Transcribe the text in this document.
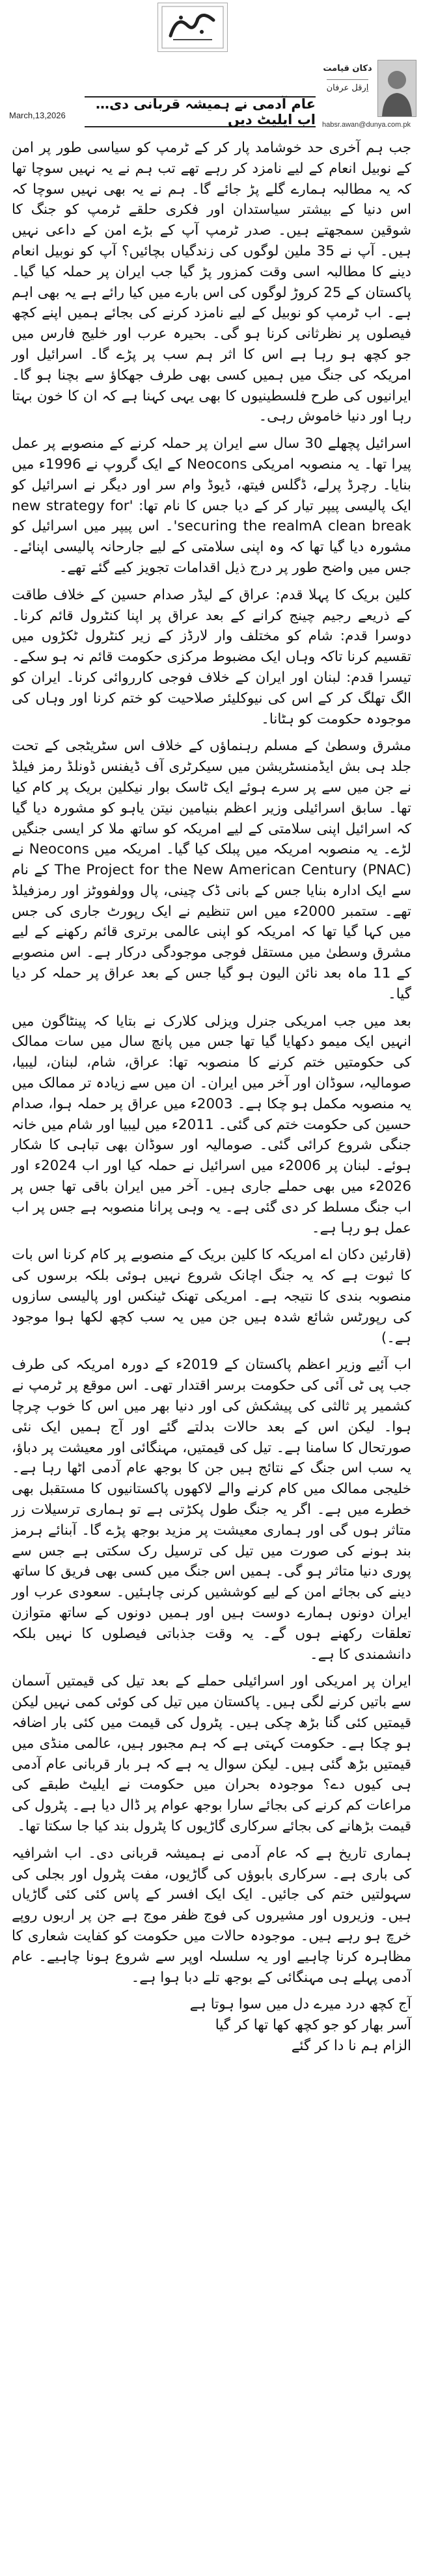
March,13,2026
عام آدمی نے ہمیشہ قربانی دی… اب ایلیٹ دیں
دکان قیامت
اِرقل عرفان
habsr.awan@dunya.com.pk

جب ہم آخری حد خوشامد پار کر کے ٹرمپ کو سیاسی طور پر امن کے نوبیل انعام کے لیے نامزد کر رہے تھے تب ہم نے یہ نہیں سوچا تھا کہ یہ مطالبہ ہمارے گلے پڑ جائے گا۔ ہم نے یہ بھی نہیں سوچا کہ اس دنیا کے بیشتر سیاستدان اور فکری حلقے ٹرمپ کو جنگ کا شوقین سمجھتے ہیں۔ صدر ٹرمپ آپ کے بڑے امن کے داعی نہیں ہیں۔ آپ نے 35 ملین لوگوں کی زندگیاں بچائیں؟ آپ کو نوبیل انعام دینے کا مطالبہ اسی وقت کمزور پڑ گیا جب ایران پر حملہ کیا گیا۔ پاکستان کے 25 کروڑ لوگوں کی اس بارے میں کیا رائے ہے یہ بھی اہم ہے۔ اب ٹرمپ کو نوبیل کے لیے نامزد کرنے کی بجائے ہمیں اپنے کچھ فیصلوں پر نظرثانی کرنا ہو گی۔ بحیرہ عرب اور خلیج فارس میں جو کچھ ہو رہا ہے اس کا اثر ہم سب پر پڑے گا۔ اسرائیل اور امریکہ کی جنگ میں ہمیں کسی بھی طرف جھکاؤ سے بچنا ہو گا۔ ایرانیوں کی طرح فلسطینیوں کا بھی یہی کہنا ہے کہ ان کا خون بہتا رہا اور دنیا خاموش رہی۔

اسرائیل پچھلے 30 سال سے ایران پر حملہ کرنے کے منصوبے پر عمل پیرا تھا۔ یہ منصوبہ امریکی Neocons کے ایک گروپ نے 1996ء میں بنایا۔ رچرڈ پرلے، ڈگلس فیتھ، ڈیوڈ وام سر اور دیگر نے اسرائیل کو ایک پالیسی پیپر تیار کر کے دیا جس کا نام تھا: 'new strategy for securing the realmA clean break'۔ اس پیپر میں اسرائیل کو مشورہ دیا گیا تھا کہ وہ اپنی سلامتی کے لیے جارحانہ پالیسی اپنائے۔ جس میں واضح طور پر درج ذیل اقدامات تجویز کیے گئے تھے۔

کلین بریک کا پہلا قدم: عراق کے لیڈر صدام حسین کے خلاف طاقت کے ذریعے رجیم چینج کرانے کے بعد عراق پر اپنا کنٹرول قائم کرنا۔ دوسرا قدم: شام کو مختلف وار لارڈز کے زیر کنٹرول ٹکڑوں میں تقسیم کرنا تاکہ وہاں ایک مضبوط مرکزی حکومت قائم نہ ہو سکے۔ تیسرا قدم: لبنان اور ایران کے خلاف فوجی کارروائی کرنا۔ ایران کو الگ تھلگ کر کے اس کی نیوکلیئر صلاحیت کو ختم کرنا اور وہاں کی موجودہ حکومت کو ہٹانا۔

مشرق وسطیٰ کے مسلم رہنماؤں کے خلاف اس سٹریٹجی کے تحت جلد ہی بش ایڈمنسٹریشن میں سیکرٹری آف ڈیفنس ڈونلڈ رمز فیلڈ نے جن میں سے پر سرے ہوئے ایک ٹاسک بوار نیکلین بریک پر کام کیا تھا۔ سابق اسرائیلی وزیر اعظم بنیامین نیتن یاہو کو مشورہ دیا گیا کہ اسرائیل اپنی سلامتی کے لیے امریکہ کو ساتھ ملا کر ایسی جنگیں لڑے۔ یہ منصوبہ امریکہ میں پبلک کیا گیا۔ امریکہ میں Neocons نے The Project for the New American Century (PNAC) کے نام سے ایک ادارہ بنایا جس کے بانی ڈک چینی، پال وولفووٹز اور رمزفیلڈ تھے۔ ستمبر 2000ء میں اس تنظیم نے ایک رپورٹ جاری کی جس میں کہا گیا تھا کہ امریکہ کو اپنی عالمی برتری قائم رکھنے کے لیے مشرق وسطیٰ میں مستقل فوجی موجودگی درکار ہے۔ اس منصوبے کے 11 ماہ بعد نائن الیون ہو گیا جس کے بعد عراق پر حملہ کر دیا گیا۔

بعد میں جب امریکی جنرل ویزلی کلارک نے بتایا کہ پینٹاگون میں انہیں ایک میمو دکھایا گیا تھا جس میں پانچ سال میں سات ممالک کی حکومتیں ختم کرنے کا منصوبہ تھا: عراق، شام، لبنان، لیبیا، صومالیہ، سوڈان اور آخر میں ایران۔ ان میں سے زیادہ تر ممالک میں یہ منصوبہ مکمل ہو چکا ہے۔ 2003ء میں عراق پر حملہ ہوا، صدام حسین کی حکومت ختم کی گئی۔ 2011ء میں لیبیا اور شام میں خانہ جنگی شروع کرائی گئی۔ صومالیہ اور سوڈان بھی تباہی کا شکار ہوئے۔ لبنان پر 2006ء میں اسرائیل نے حملہ کیا اور اب 2024ء اور 2026ء میں بھی حملے جاری ہیں۔ آخر میں ایران باقی تھا جس پر اب جنگ مسلط کر دی گئی ہے۔ یہ وہی پرانا منصوبہ ہے جس پر اب عمل ہو رہا ہے۔

(قارئین دکان اے امریکہ کا کلین بریک کے منصوبے پر کام کرنا اس بات کا ثبوت ہے کہ یہ جنگ اچانک شروع نہیں ہوئی بلکہ برسوں کی منصوبہ بندی کا نتیجہ ہے۔ امریکی تھنک ٹینکس اور پالیسی سازوں کی رپورٹس شائع شدہ ہیں جن میں یہ سب کچھ لکھا ہوا موجود ہے۔)

اب آئیے وزیر اعظم پاکستان کے 2019ء کے دورہ امریکہ کی طرف جب پی ٹی آئی کی حکومت برسر اقتدار تھی۔ اس موقع پر ٹرمپ نے کشمیر پر ثالثی کی پیشکش کی اور دنیا بھر میں اس کا خوب چرچا ہوا۔ لیکن اس کے بعد حالات بدلتے گئے اور آج ہمیں ایک نئی صورتحال کا سامنا ہے۔ تیل کی قیمتیں، مہنگائی اور معیشت پر دباؤ، یہ سب اس جنگ کے نتائج ہیں جن کا بوجھ عام آدمی اٹھا رہا ہے۔ خلیجی ممالک میں کام کرنے والے لاکھوں پاکستانیوں کا مستقبل بھی خطرے میں ہے۔ اگر یہ جنگ طول پکڑتی ہے تو ہماری ترسیلات زر متاثر ہوں گی اور ہماری معیشت پر مزید بوجھ پڑے گا۔ آبنائے ہرمز بند ہونے کی صورت میں تیل کی ترسیل رک سکتی ہے جس سے پوری دنیا متاثر ہو گی۔ ہمیں اس جنگ میں کسی بھی فریق کا ساتھ دینے کی بجائے امن کے لیے کوششیں کرنی چاہئیں۔ سعودی عرب اور ایران دونوں ہمارے دوست ہیں اور ہمیں دونوں کے ساتھ متوازن تعلقات رکھنے ہوں گے۔ یہ وقت جذباتی فیصلوں کا نہیں بلکہ دانشمندی کا ہے۔

ایران پر امریکی اور اسرائیلی حملے کے بعد تیل کی قیمتیں آسمان سے باتیں کرنے لگی ہیں۔ پاکستان میں تیل کی کوئی کمی نہیں لیکن قیمتیں کئی گنا بڑھ چکی ہیں۔ پٹرول کی قیمت میں کئی بار اضافہ ہو چکا ہے۔ حکومت کہتی ہے کہ ہم مجبور ہیں، عالمی منڈی میں قیمتیں بڑھ گئی ہیں۔ لیکن سوال یہ ہے کہ ہر بار قربانی عام آدمی ہی کیوں دے؟ موجودہ بحران میں حکومت نے ایلیٹ طبقے کی مراعات کم کرنے کی بجائے سارا بوجھ عوام پر ڈال دیا ہے۔ پٹرول کی قیمت بڑھانے کی بجائے سرکاری گاڑیوں کا پٹرول بند کیا جا سکتا تھا۔

ہماری تاریخ ہے کہ عام آدمی نے ہمیشہ قربانی دی۔ اب اشرافیہ کی باری ہے۔ سرکاری بابوؤں کی گاڑیوں، مفت پٹرول اور بجلی کی سہولتیں ختم کی جائیں۔ ایک ایک افسر کے پاس کئی کئی گاڑیاں ہیں۔ وزیروں اور مشیروں کی فوج ظفر موج ہے جن پر اربوں روپے خرچ ہو رہے ہیں۔ موجودہ حالات میں حکومت کو کفایت شعاری کا مظاہرہ کرنا چاہیے اور یہ سلسلہ اوپر سے شروع ہونا چاہیے۔ عام آدمی پہلے ہی مہنگائی کے بوجھ تلے دبا ہوا ہے۔

آج کچھ درد میرے دل میں سوا ہوتا ہے

آسر بھار کو جو کچھ کھا تھا کر گیا

الزام ہم نا دا کر گئے
